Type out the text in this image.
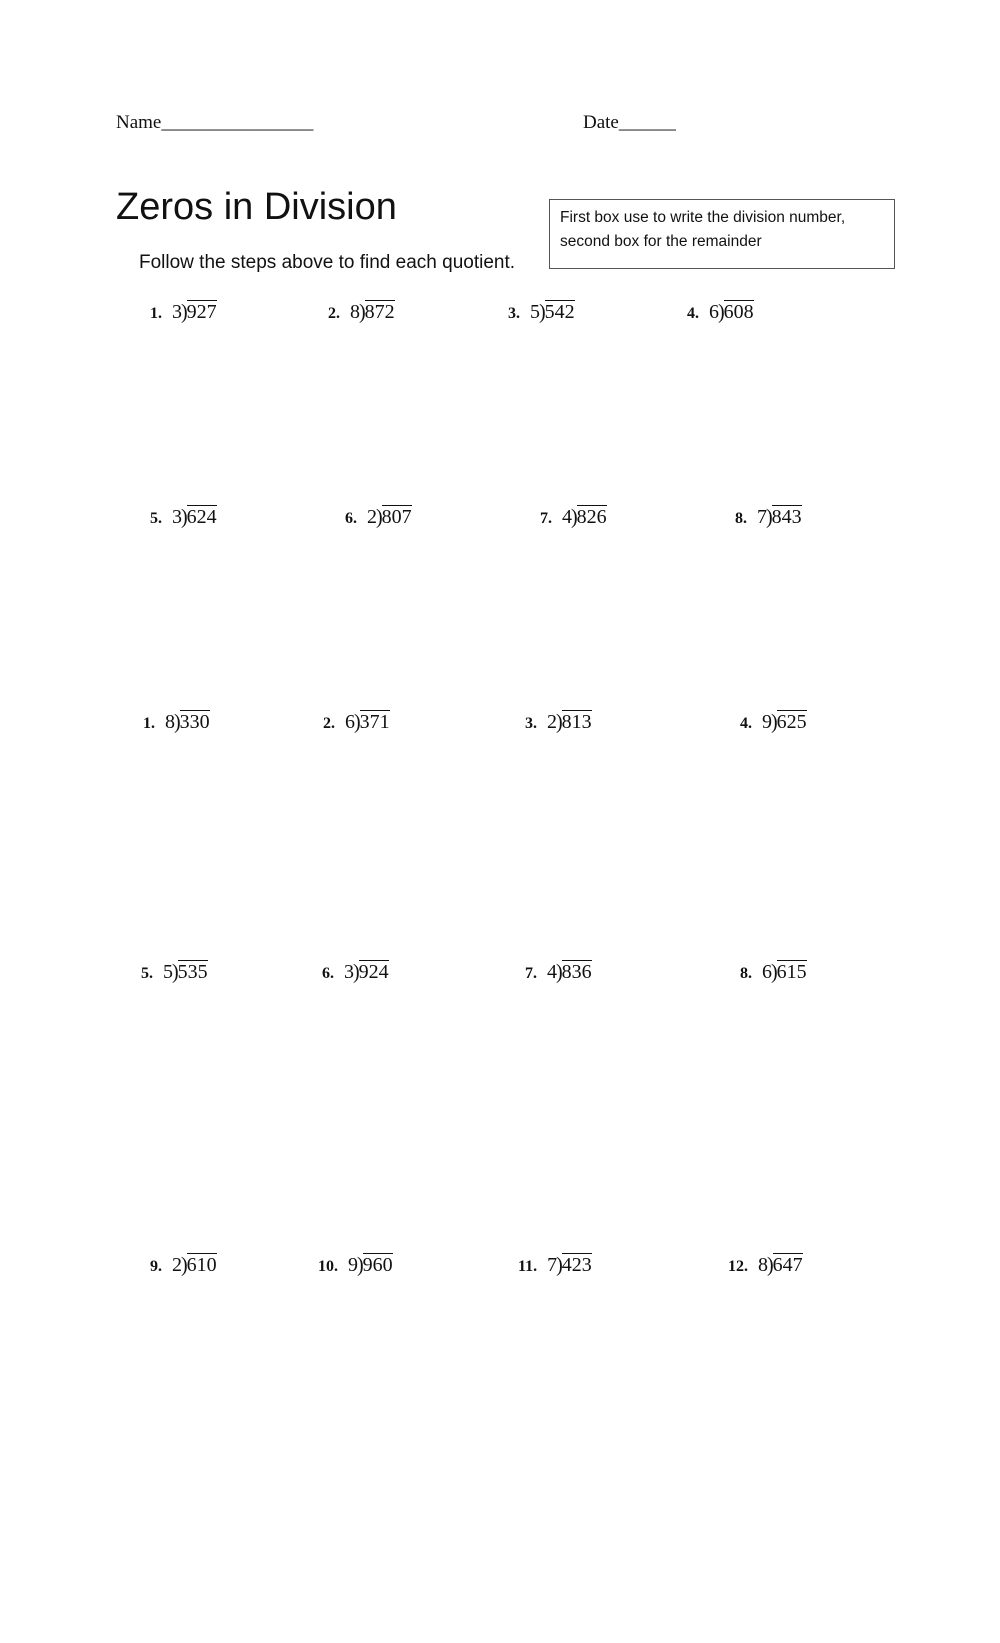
Name________________	Date______
Zeros in Division
Follow the steps above to find each quotient.
First box use to write the division number,
second box for the remainder
1. 3 ) 927	2. 8 ) 872	3. 5 ) 542	4. 6 ) 608
5. 3 ) 624	6. 2 ) 807	7. 4 ) 826	8. 7 ) 843
1. 8 ) 330	2. 6 ) 371	3. 2 ) 813	4. 9 ) 625
5. 5 ) 535	6. 3 ) 924	7. 4 ) 836	8. 6 ) 615
9. 2 ) 610	10. 9 ) 960	11. 7 ) 423	12. 8 ) 647
